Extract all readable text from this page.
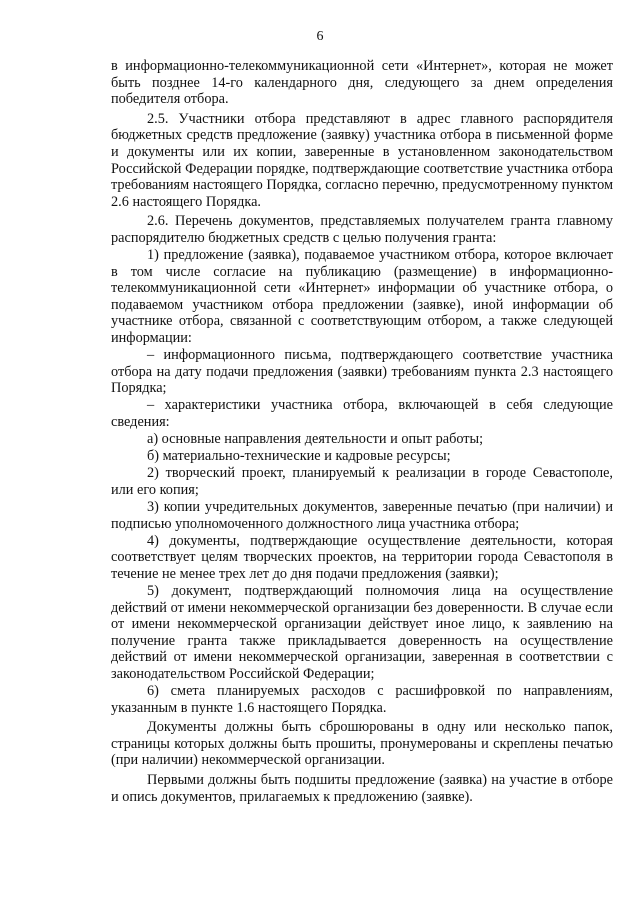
6

в информационно-телекоммуникационной сети «Интернет», которая не может быть позднее 14-го календарного дня, следующего за днем определения победителя отбора.

2.5. Участники отбора представляют в адрес главного распорядителя бюджетных средств предложение (заявку) участника отбора в письменной форме и документы или их копии, заверенные в установленном законодательством Российской Федерации порядке, подтверждающие соответствие участника отбора требованиям настоящего Порядка, согласно перечню, предусмотренному пунктом 2.6 настоящего Порядка.

2.6. Перечень документов, представляемых получателем гранта главному распорядителю бюджетных средств с целью получения гранта:

1) предложение (заявка), подаваемое участником отбора, которое включает в том числе согласие на публикацию (размещение) в информационно-телекоммуникационной сети «Интернет» информации об участнике отбора, о подаваемом участником отбора предложении (заявке), иной информации об участнике отбора, связанной с соответствующим отбором, а также следующей информации:

– информационного письма, подтверждающего соответствие участника отбора на дату подачи предложения (заявки) требованиям пункта 2.3 настоящего Порядка;

– характеристики участника отбора, включающей в себя следующие сведения:

а) основные направления деятельности и опыт работы;

б) материально-технические и кадровые ресурсы;

2) творческий проект, планируемый к реализации в городе Севастополе, или его копия;

3) копии учредительных документов, заверенные печатью (при наличии) и подписью уполномоченного должностного лица участника отбора;

4) документы, подтверждающие осуществление деятельности, которая соответствует целям творческих проектов, на территории города Севастополя в течение не менее трех лет до дня подачи предложения (заявки);

5) документ, подтверждающий полномочия лица на осуществление действий от имени некоммерческой организации без доверенности. В случае если от имени некоммерческой организации действует иное лицо, к заявлению на получение гранта также прикладывается доверенность на осуществление действий от имени некоммерческой организации, заверенная в соответствии с законодательством Российской Федерации;

6) смета планируемых расходов с расшифровкой по направлениям, указанным в пункте 1.6 настоящего Порядка.

Документы должны быть сброшюрованы в одну или несколько папок, страницы которых должны быть прошиты, пронумерованы и скреплены печатью (при наличии) некоммерческой организации.

Первыми должны быть подшиты предложение (заявка) на участие в отборе и опись документов, прилагаемых к предложению (заявке).
